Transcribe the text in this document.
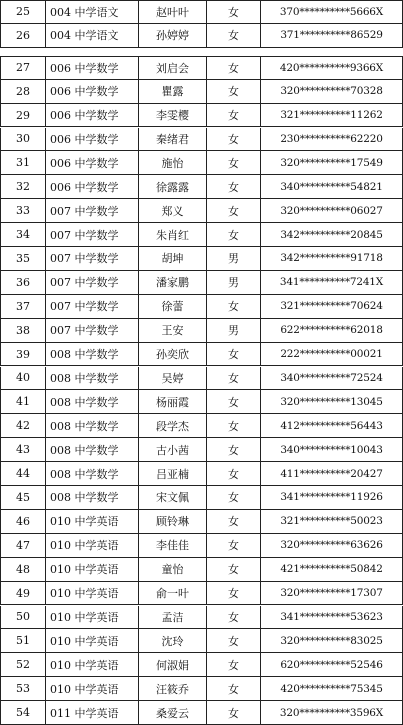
25	004 中学语文	赵叶叶	女	370**********5666X
26	004 中学语文	孙婷婷	女	371**********86529
27	006 中学数学	刘启会	女	420**********9366X
28	006 中学数学	瞿露	女	320**********70328
29	006 中学数学	李雯樱	女	321**********11262
30	006 中学数学	秦绪君	女	230**********62220
31	006 中学数学	施怡	女	320**********17549
32	006 中学数学	徐露露	女	340**********54821
33	007 中学数学	郑义	女	320**********06027
34	007 中学数学	朱肖红	女	342**********20845
35	007 中学数学	胡坤	男	342**********91718
36	007 中学数学	潘家鹏	男	341**********7241X
37	007 中学数学	徐蕾	女	321**********70624
38	007 中学数学	王安	男	622**********62018
39	008 中学数学	孙奕欣	女	222**********00021
40	008 中学数学	吴婷	女	340**********72524
41	008 中学数学	杨丽霞	女	320**********13045
42	008 中学数学	段学杰	女	412**********56443
43	008 中学数学	古小茜	女	340**********10043
44	008 中学数学	吕亚楠	女	411**********20427
45	008 中学数学	宋文佩	女	341**********11926
46	010 中学英语	顾铃琳	女	321**********50023
47	010 中学英语	李佳佳	女	320**********63626
48	010 中学英语	童怡	女	421**********50842
49	010 中学英语	俞一叶	女	320**********17307
50	010 中学英语	孟洁	女	341**********53623
51	010 中学英语	沈玲	女	320**********83025
52	010 中学英语	何淑娟	女	620**********52546
53	010 中学英语	汪筱乔	女	420**********75345
54	011 中学英语	桑爱云	女	320**********3596X
